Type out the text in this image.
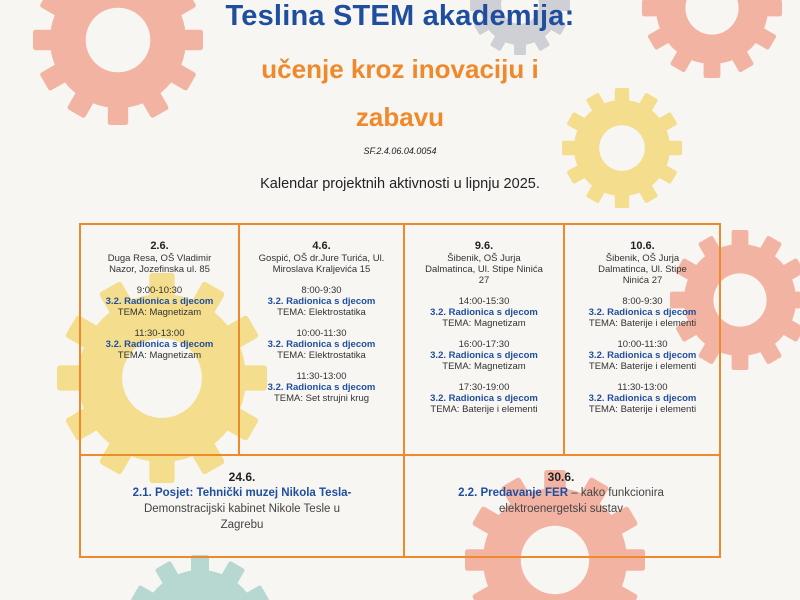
Teslina STEM akademija:
učenje kroz inovaciju i
zabavu
SF.2.4.06.04.0054
Kalendar projektnih aktivnosti u lipnju 2025.
2.6.
Duga Resa, OŠ Vladimir Nazor, Jozefinska ul. 85
9:00-10:30
3.2. Radionica s djecom
TEMA: Magnetizam
11:30-13:00
3.2. Radionica s djecom
TEMA: Magnetizam
4.6.
Gospić, OŠ dr.Jure Turića, Ul. Miroslava Kraljevića 15
8:00-9:30
3.2. Radionica s djecom
TEMA: Elektrostatika
10:00-11:30
3.2. Radionica s djecom
TEMA: Elektrostatika
11:30-13:00
3.2. Radionica s djecom
TEMA: Set strujni krug
9.6.
Šibenik, OŠ Jurja Dalmatinca, Ul. Stipe Ninića 27
14:00-15:30
3.2. Radionica s djecom
TEMA: Magnetizam
16:00-17:30
3.2. Radionica s djecom
TEMA: Magnetizam
17:30-19:00
3.2. Radionica s djecom
TEMA: Baterije i elementi
10.6.
Šibenik, OŠ Jurja Dalmatinca, Ul. Stipe Ninića 27
8:00-9:30
3.2. Radionica s djecom
TEMA: Baterije i elementi
10:00-11:30
3.2. Radionica s djecom
TEMA: Baterije i elementi
11:30-13:00
3.2. Radionica s djecom
TEMA: Baterije i elementi
24.6.
2.1. Posjet: Tehnički muzej Nikola Tesla-
Demonstracijski kabinet Nikole Tesle u Zagrebu
30.6.
2.2. Predavanje FER – kako funkcionira elektroenergetski sustav
